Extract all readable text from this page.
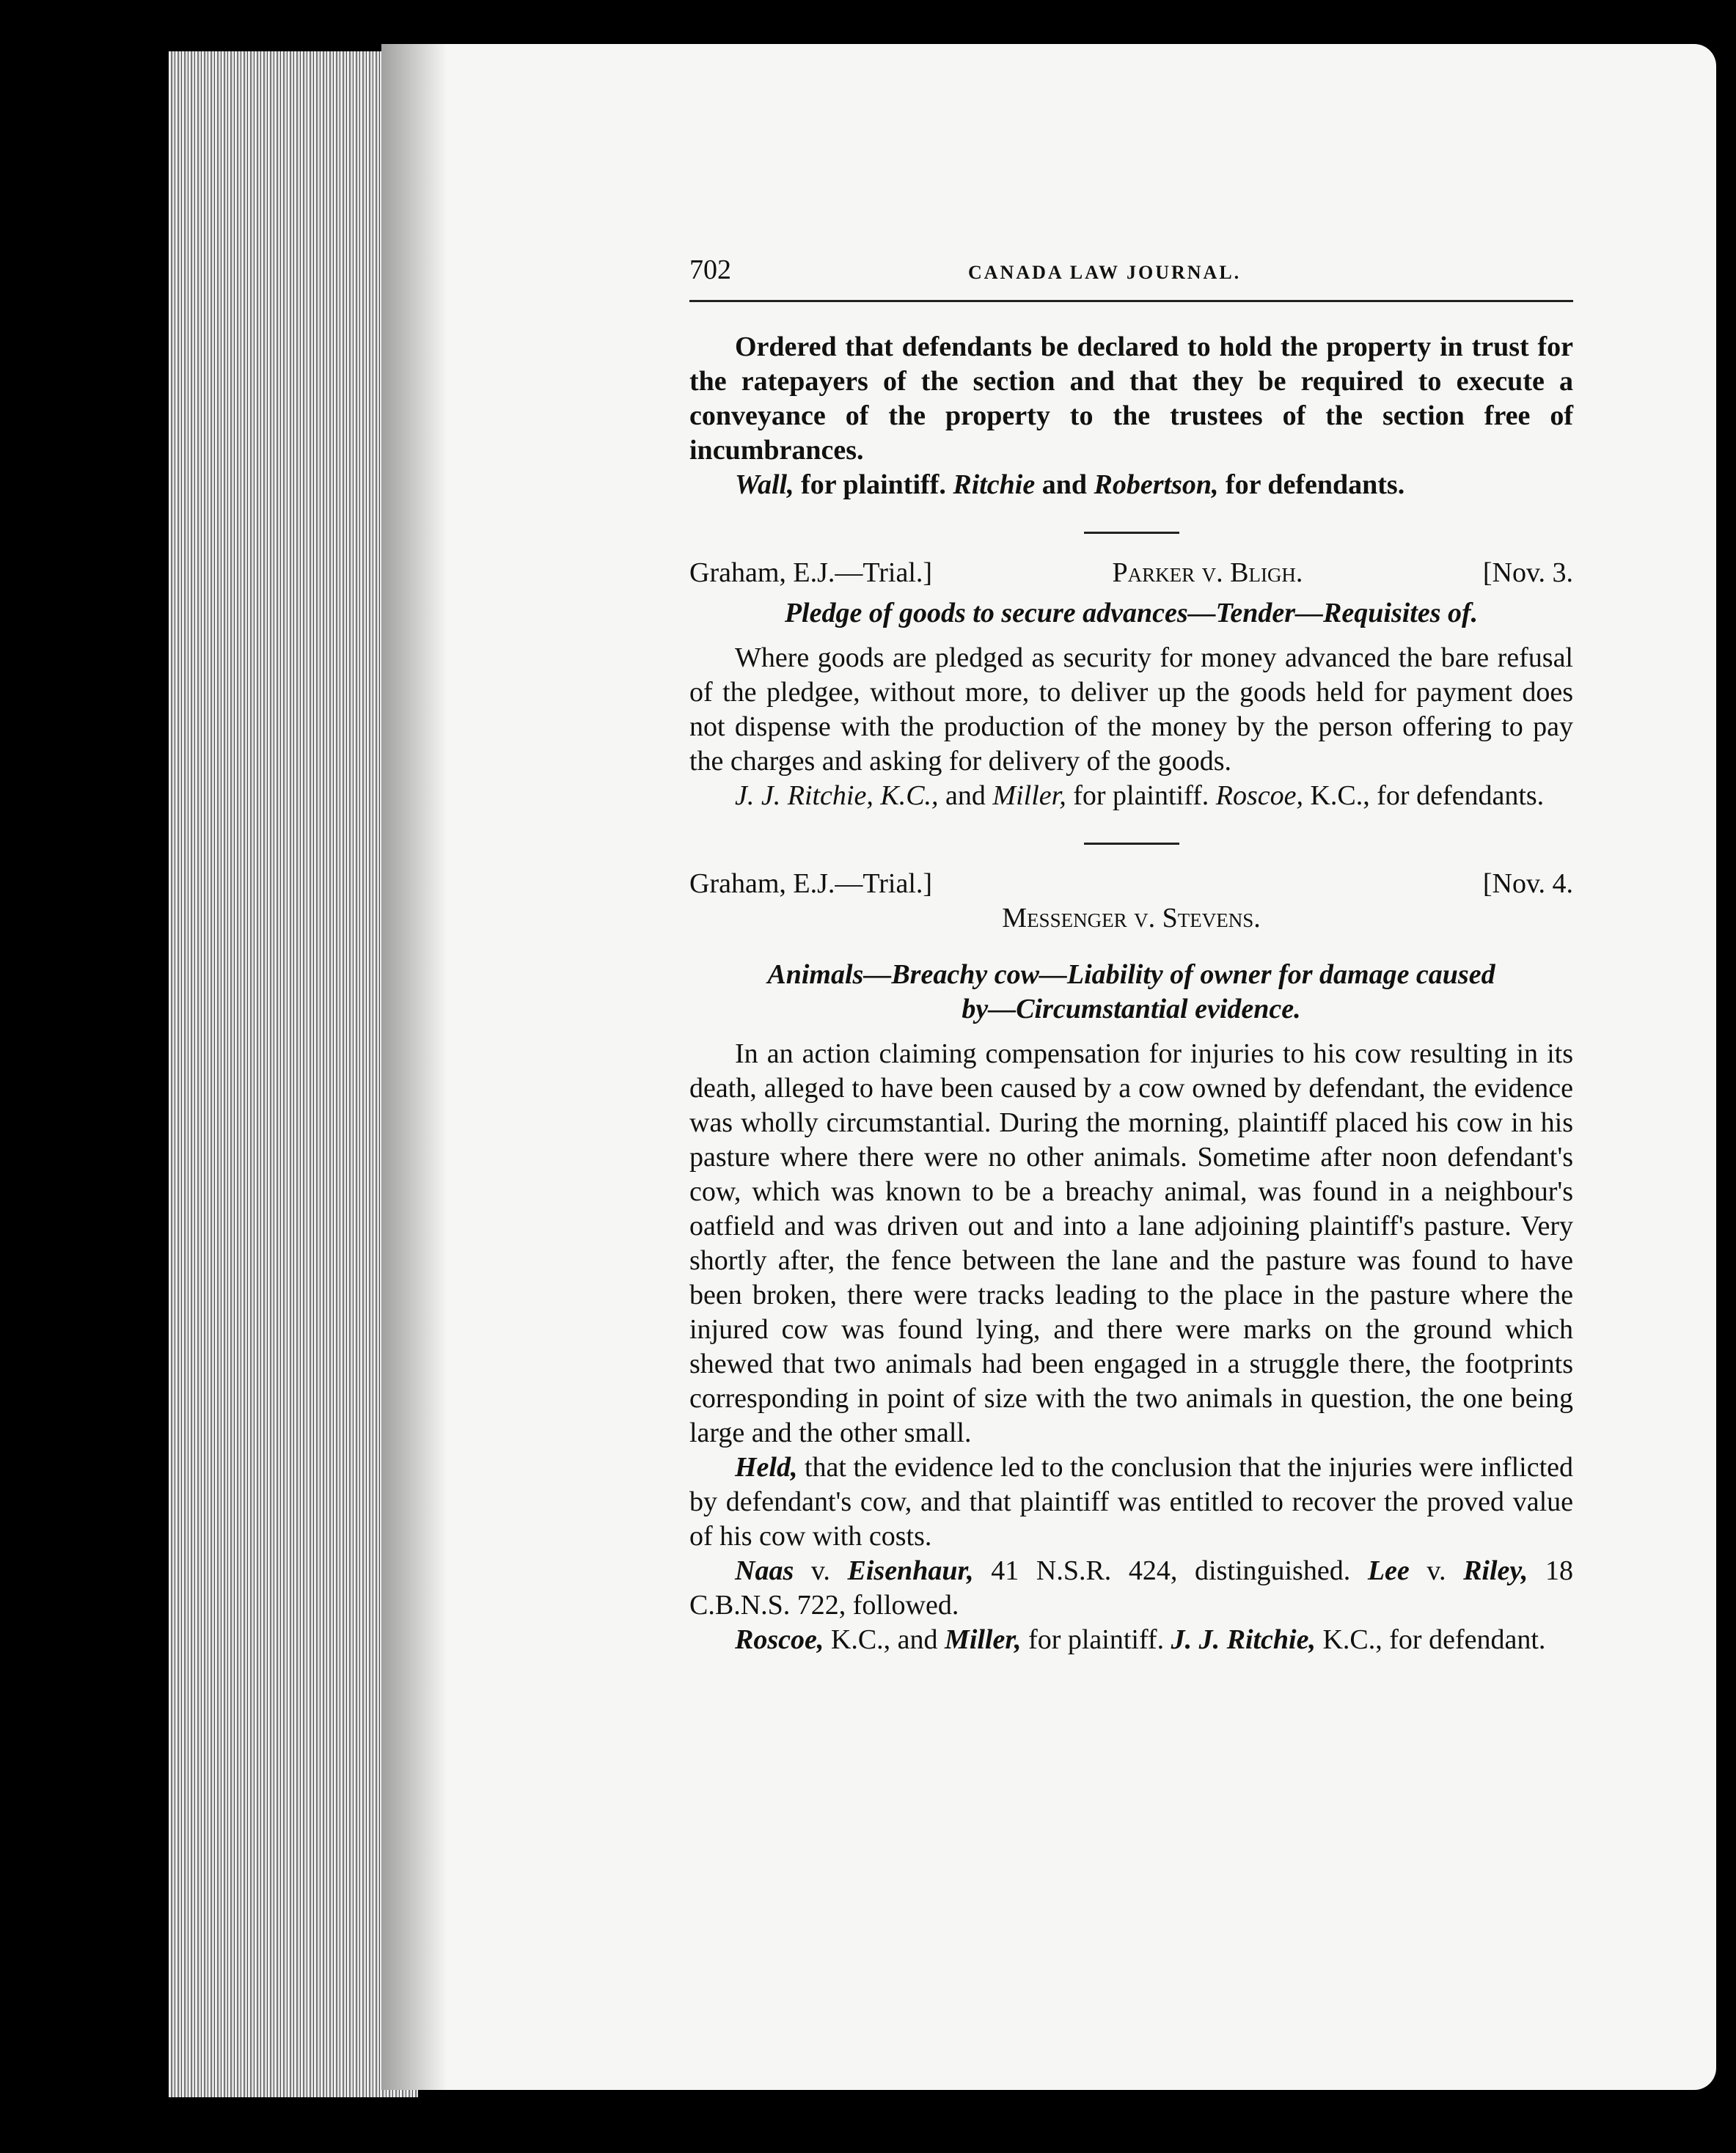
702	CANADA LAW JOURNAL.

Ordered that defendants be declared to hold the property in trust for the ratepayers of the section and that they be required to execute a conveyance of the property to the trustees of the section free of incumbrances.

Wall, for plaintiff. Ritchie and Robertson, for defendants.

Graham, E.J.—Trial.]	Parker v. Bligh.	[Nov. 3.

Pledge of goods to secure advances—Tender—Requisites of.

Where goods are pledged as security for money advanced the bare refusal of the pledgee, without more, to deliver up the goods held for payment does not dispense with the production of the money by the person offering to pay the charges and asking for delivery of the goods.

J. J. Ritchie, K.C., and Miller, for plaintiff. Roscoe, K.C., for defendants.

Graham, E.J.—Trial.]	[Nov. 4.

Messenger v. Stevens.

Animals—Breachy cow—Liability of owner for damage caused

by—Circumstantial evidence.

In an action claiming compensation for injuries to his cow resulting in its death, alleged to have been caused by a cow owned by defendant, the evidence was wholly circumstantial. During the morning, plaintiff placed his cow in his pasture where there were no other animals. Sometime after noon defendant's cow, which was known to be a breachy animal, was found in a neighbour's oatfield and was driven out and into a lane adjoining plaintiff's pasture. Very shortly after, the fence between the lane and the pasture was found to have been broken, there were tracks leading to the place in the pasture where the injured cow was found lying, and there were marks on the ground which shewed that two animals had been engaged in a struggle there, the footprints corresponding in point of size with the two animals in question, the one being large and the other small.

Held, that the evidence led to the conclusion that the injuries were inflicted by defendant's cow, and that plaintiff was entitled to recover the proved value of his cow with costs.

Naas v. Eisenhaur, 41 N.S.R. 424, distinguished. Lee v. Riley, 18 C.B.N.S. 722, followed.

Roscoe, K.C., and Miller, for plaintiff. J. J. Ritchie, K.C., for defendant.
